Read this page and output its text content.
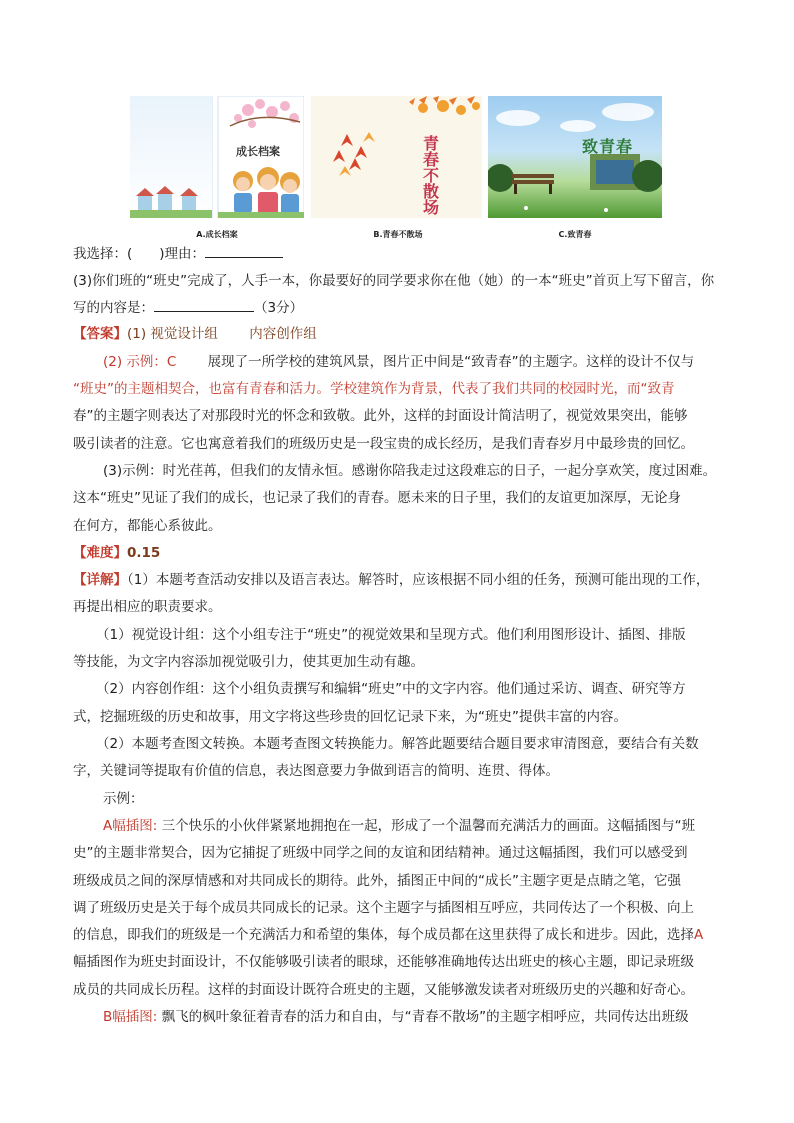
成长档案	青春不散场
致青春
A.成长档案	B.青春不散场	C.致青春
我选择：(　　)理由：
(3)你们班的“班史”完成了，人手一本，你最要好的同学要求你在他（她）的一本“班史”首页上写下留言，你
写的内容是：	（3分）
【答案】(1) 视觉设计组　　 内容创作组
(2) 示例：C　　 展现了一所学校的建筑风景，图片正中间是“致青春”的主题字。这样的设计不仅与
“班史”的主题相契合，也富有青春和活力。学校建筑作为背景，代表了我们共同的校园时光，而“致青
春”的主题字则表达了对那段时光的怀念和致敬。此外，这样的封面设计简洁明了，视觉效果突出，能够
吸引读者的注意。它也寓意着我们的班级历史是一段宝贵的成长经历，是我们青春岁月中最珍贵的回忆。
(3)示例：时光荏苒，但我们的友情永恒。感谢你陪我走过这段难忘的日子，一起分享欢笑，度过困难。
这本“班史”见证了我们的成长，也记录了我们的青春。愿未来的日子里，我们的友谊更加深厚，无论身
在何方，都能心系彼此。
【难度】0.15
【详解】（1）本题考查活动安排以及语言表达。解答时，应该根据不同小组的任务，预测可能出现的工作，
再提出相应的职责要求。
（1）视觉设计组：这个小组专注于“班史”的视觉效果和呈现方式。他们利用图形设计、插图、排版
等技能，为文字内容添加视觉吸引力，使其更加生动有趣。
（2）内容创作组：这个小组负责撰写和编辑“班史”中的文字内容。他们通过采访、调查、研究等方
式，挖掘班级的历史和故事，用文字将这些珍贵的回忆记录下来，为“班史”提供丰富的内容。
（2）本题考查图文转换。本题考查图文转换能力。解答此题要结合题目要求审清图意，要结合有关数
字，关键词等提取有价值的信息，表达图意要力争做到语言的简明、连贯、得体。
示例：
A幅插图: 三个快乐的小伙伴紧紧地拥抱在一起，形成了一个温馨而充满活力的画面。这幅插图与“班
史”的主题非常契合，因为它捕捉了班级中同学之间的友谊和团结精神。通过这幅插图，我们可以感受到
班级成员之间的深厚情感和对共同成长的期待。此外，插图正中间的“成长”主题字更是点睛之笔，它强
调了班级历史是关于每个成员共同成长的记录。这个主题字与插图相互呼应，共同传达了一个积极、向上
的信息，即我们的班级是一个充满活力和希望的集体，每个成员都在这里获得了成长和进步。因此，选择A
幅插图作为班史封面设计，不仅能够吸引读者的眼球，还能够准确地传达出班史的核心主题，即记录班级
成员的共同成长历程。这样的封面设计既符合班史的主题，又能够激发读者对班级历史的兴趣和好奇心。
B幅插图: 飘飞的枫叶象征着青春的活力和自由，与“青春不散场”的主题字相呼应，共同传达出班级
